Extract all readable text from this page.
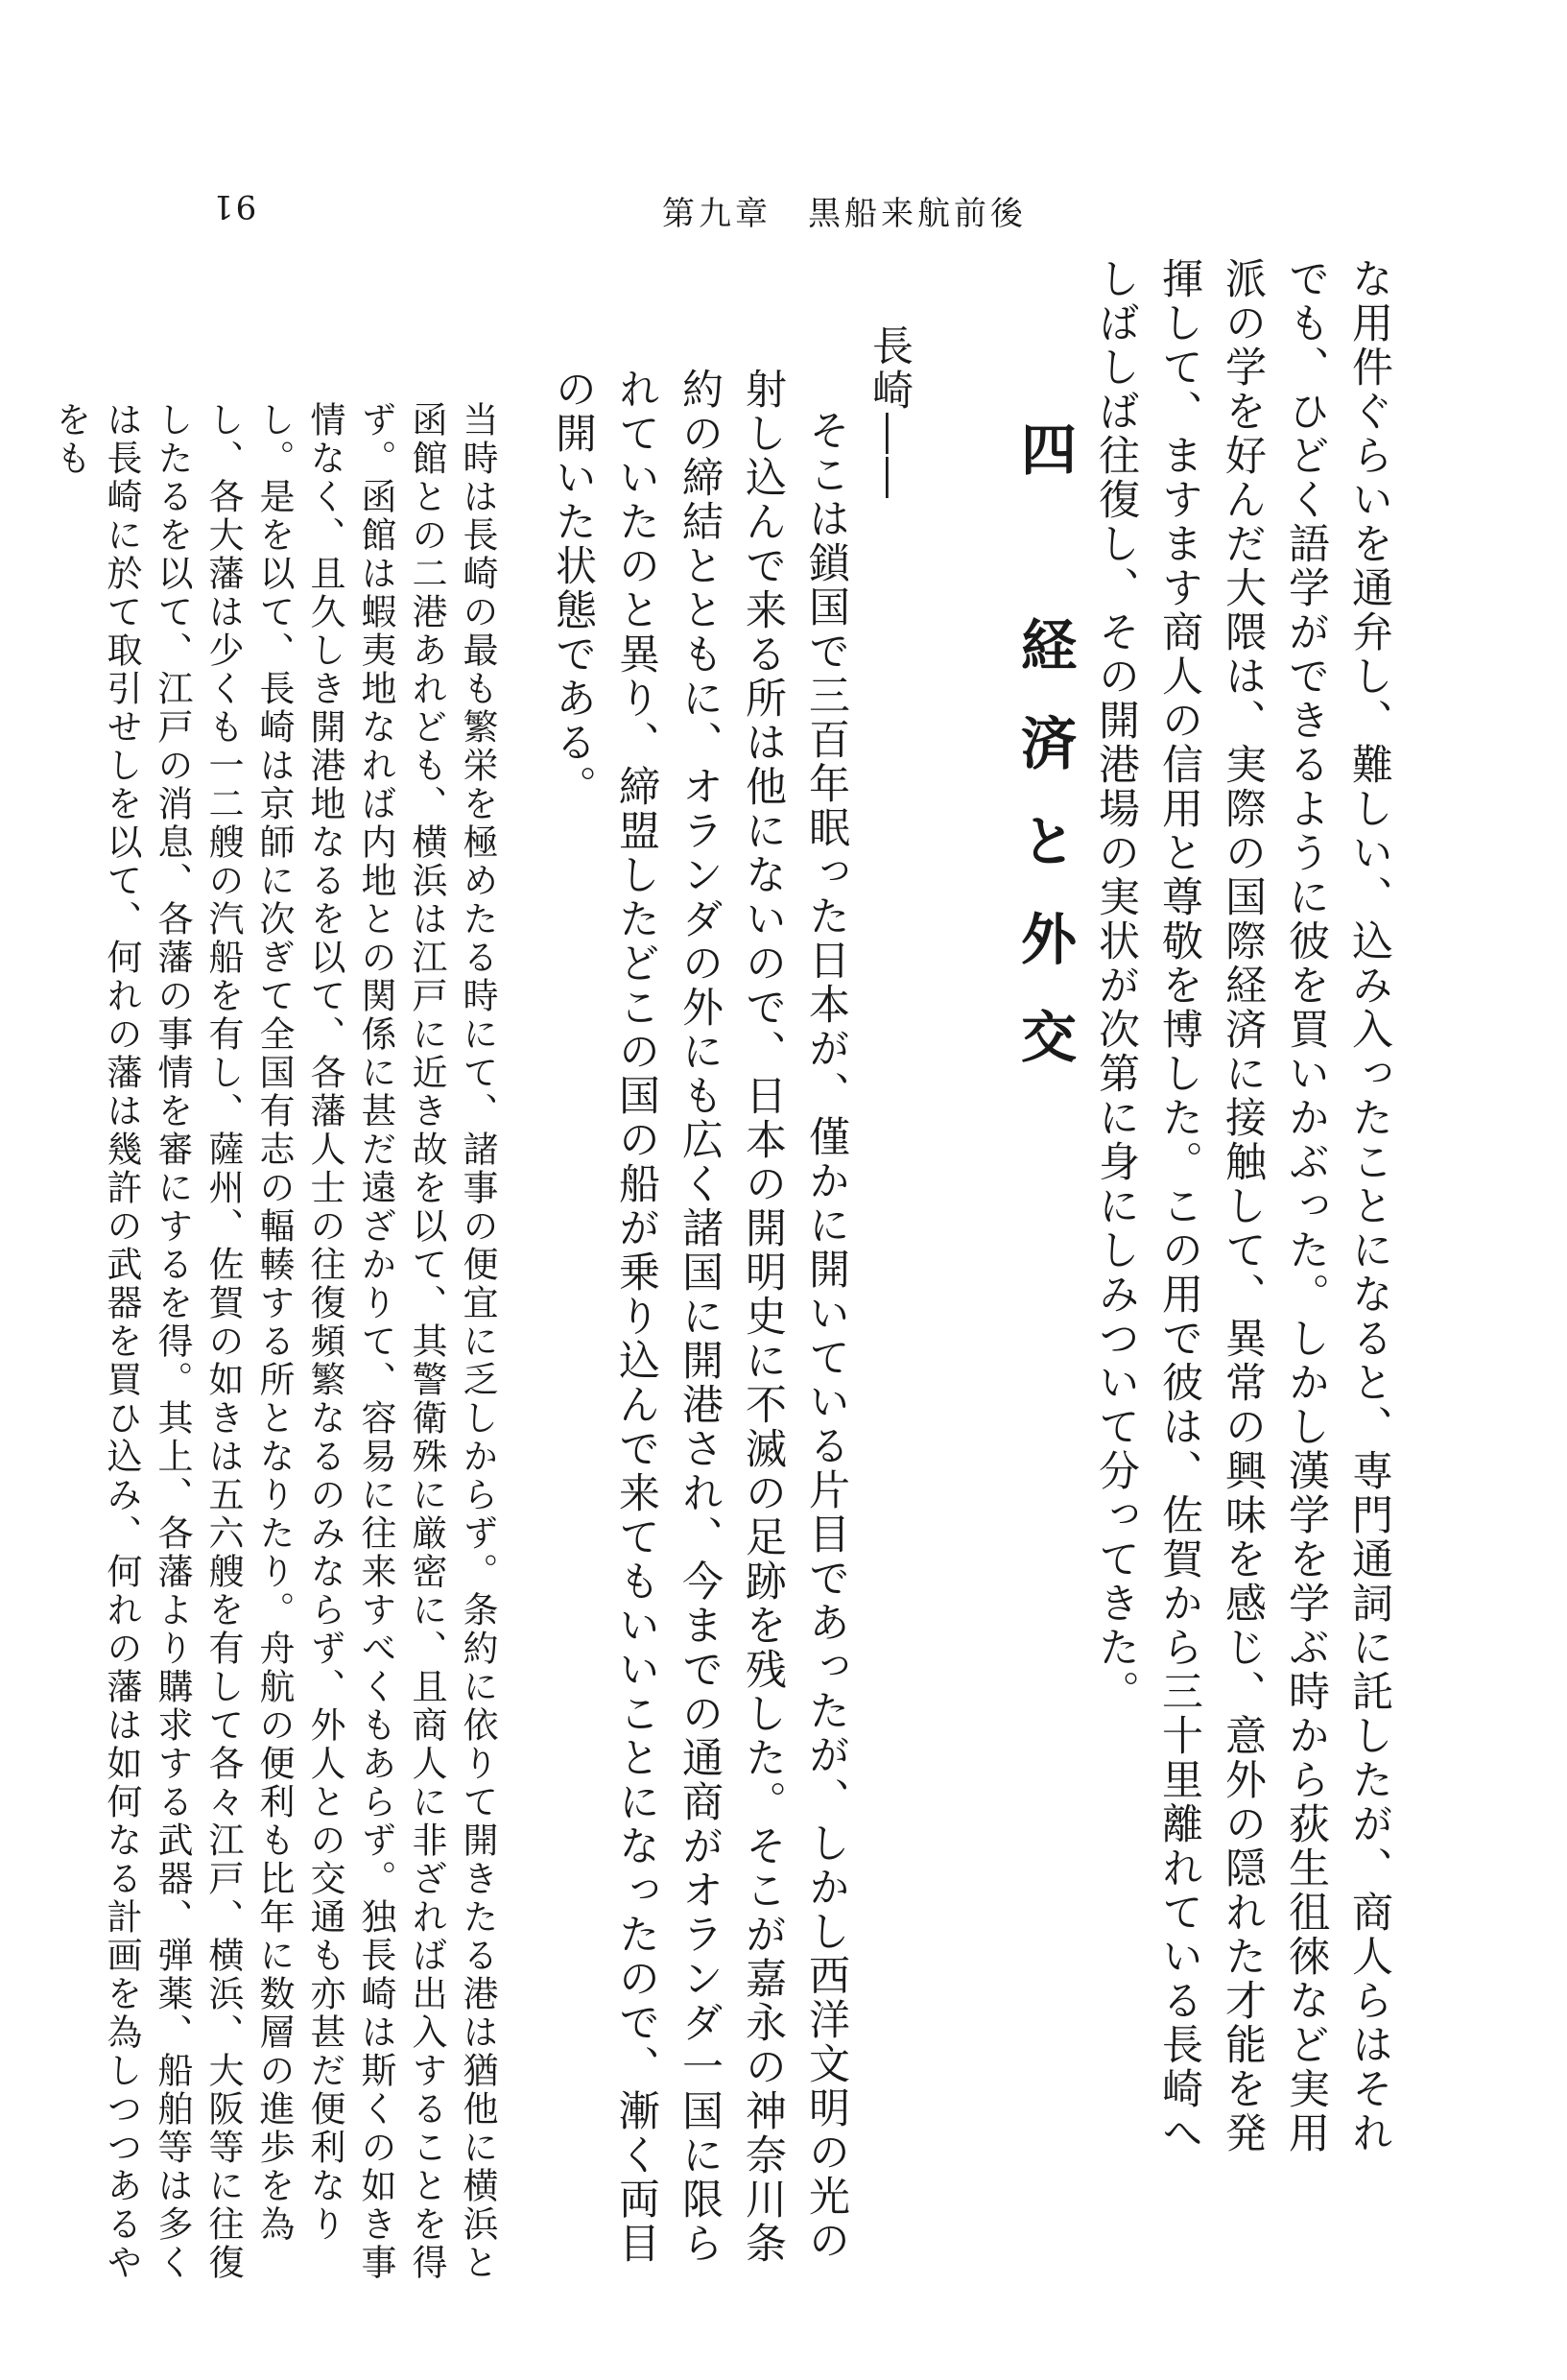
91	第九章　黒船来航前後

な用件ぐらいを通弁し、難しい、込み入ったことになると、専門通詞に託したが、商人らはそれでも、ひどく語学ができるように彼を買いかぶった。しかし漢学を学ぶ時から荻生徂徠など実用派の学を好んだ大隈は、実際の国際経済に接触して、異常の興味を感じ、意外の隠れた才能を発揮して、ますます商人の信用と尊敬を博した。この用で彼は、佐賀から三十里離れている長崎へしばしば往復し、その開港場の実状が次第に身にしみついて分ってきた。

四　経済と外交

長崎――

そこは鎖国で三百年眠った日本が、僅かに開いている片目であったが、しかし西洋文明の光の射し込んで来る所は他にないので、日本の開明史に不滅の足跡を残した。そこが嘉永の神奈川条約の締結とともに、オランダの外にも広く諸国に開港され、今までの通商がオランダ一国に限られていたのと異り、締盟したどこの国の船が乗り込んで来てもいいことになったので、漸く両目の開いた状態である。

当時は長崎の最も繁栄を極めたる時にて、諸事の便宜に乏しからず。条約に依りて開きたる港は猶他に横浜と函館との二港あれども、横浜は江戸に近き故を以て、其警衛殊に厳密に、且商人に非ざれば出入することを得ず。函館は蝦夷地なれば内地との関係に甚だ遠ざかりて、容易に往来すべくもあらず。独長崎は斯くの如き事情なく、且久しき開港地なるを以て、各藩人士の往復頻繁なるのみならず、外人との交通も亦甚だ便利なりし。是を以て、長崎は京師に次ぎて全国有志の輻輳する所となりたり。舟航の便利も比年に数層の進歩を為し、各大藩は少くも一二艘の汽船を有し、薩州、佐賀の如きは五六艘を有して各々江戸、横浜、大阪等に往復したるを以て、江戸の消息、各藩の事情を審にするを得。其上、各藩より購求する武器、弾薬、船舶等は多くは長崎に於て取引せしを以て、何れの藩は幾許の武器を買ひ込み、何れの藩は如何なる計画を為しつつあるやをも
